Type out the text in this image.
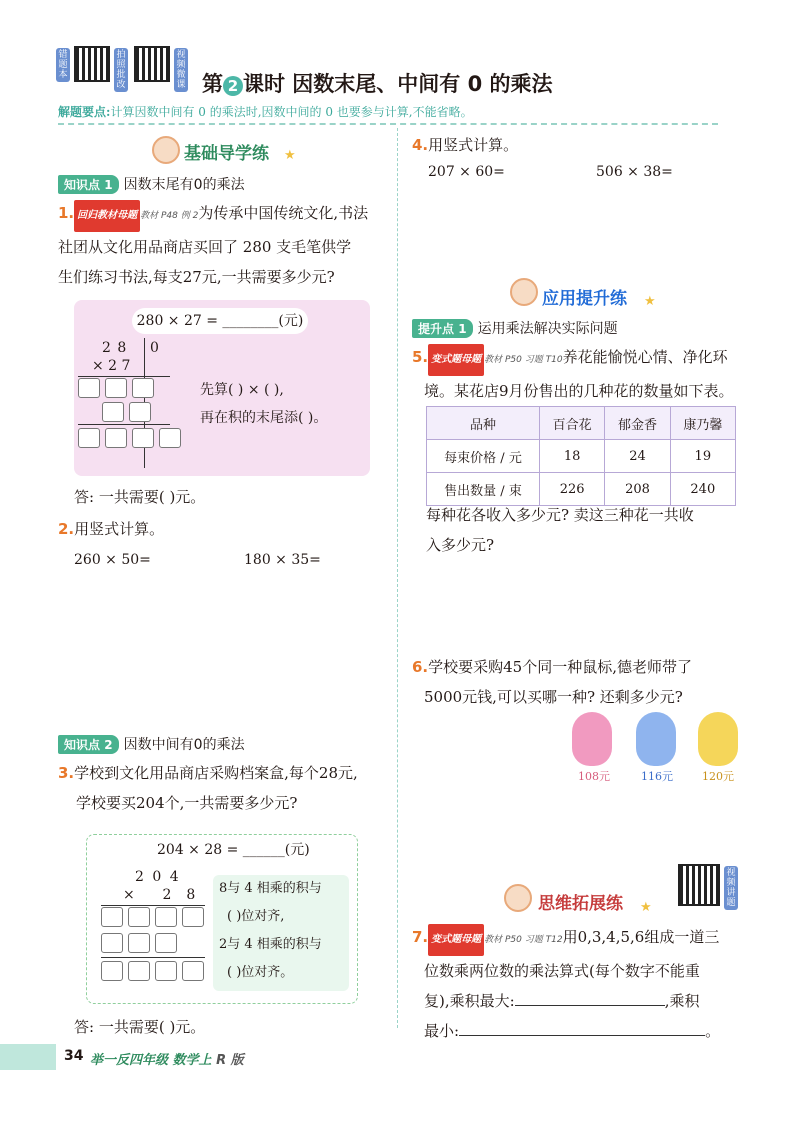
错题本
拍照批改
视频微课 第 2 课时 因数末尾、中间有 0 的乘法
解题要点:计算因数中间有 0 的乘法时,因数中间的 0 也要参与计算,不能省略。
基础导学练 ★
知识点 1 因数末尾有0的乘法
1. 回归教材母题 教材 P48 例 2为传承中国传统文化,书法
社团从文化用品商店买回了 280 支毛笔供学
生们练习书法,每支27元,一共需要多少元?
280 × 27 = ________(元)
2 8 0
× 2 7

先算( ) × ( ),
再在积的末尾添( )。
答: 一共需要( )元。
2.用竖式计算。
260 × 50=	180 × 35=
知识点 2 因数中间有0的乘法
3.学校到文化用品商店采购档案盒,每个28元,
学校要买204个,一共需要多少元?
204 × 28 = ______(元)
2 0 4
×    2  8

8与 4 相乘的积与
( )位对齐,
2与 4 相乘的积与
( )位对齐。
答: 一共需要( )元。
4.用竖式计算。
207 × 60=	506 × 38=
应用提升练 ★
提升点 1 运用乘法解决实际问题
5. 变式题母题 教材 P50 习题 T10养花能愉悦心情、净化环
境。某花店9月份售出的几种花的数量如下表。
品种	百合花	郁金香	康乃馨
每束价格 / 元	18	24	19
售出数量 / 束	226	208	240
每种花各收入多少元? 卖这三种花一共收
入多少元?
6.学校要采购45个同一种鼠标,德老师带了
5000元钱,可以买哪一种? 还剩多少元?
108元	116元	120元
视频讲题
思维拓展练 ★
7. 变式题母题 教材 P50 习题 T12用0,3,4,5,6组成一道三
位数乘两位数的乘法算式(每个数字不能重
复),乘积最大:	,乘积
最小:	。
34 举一反四年级 数学上 R 版
